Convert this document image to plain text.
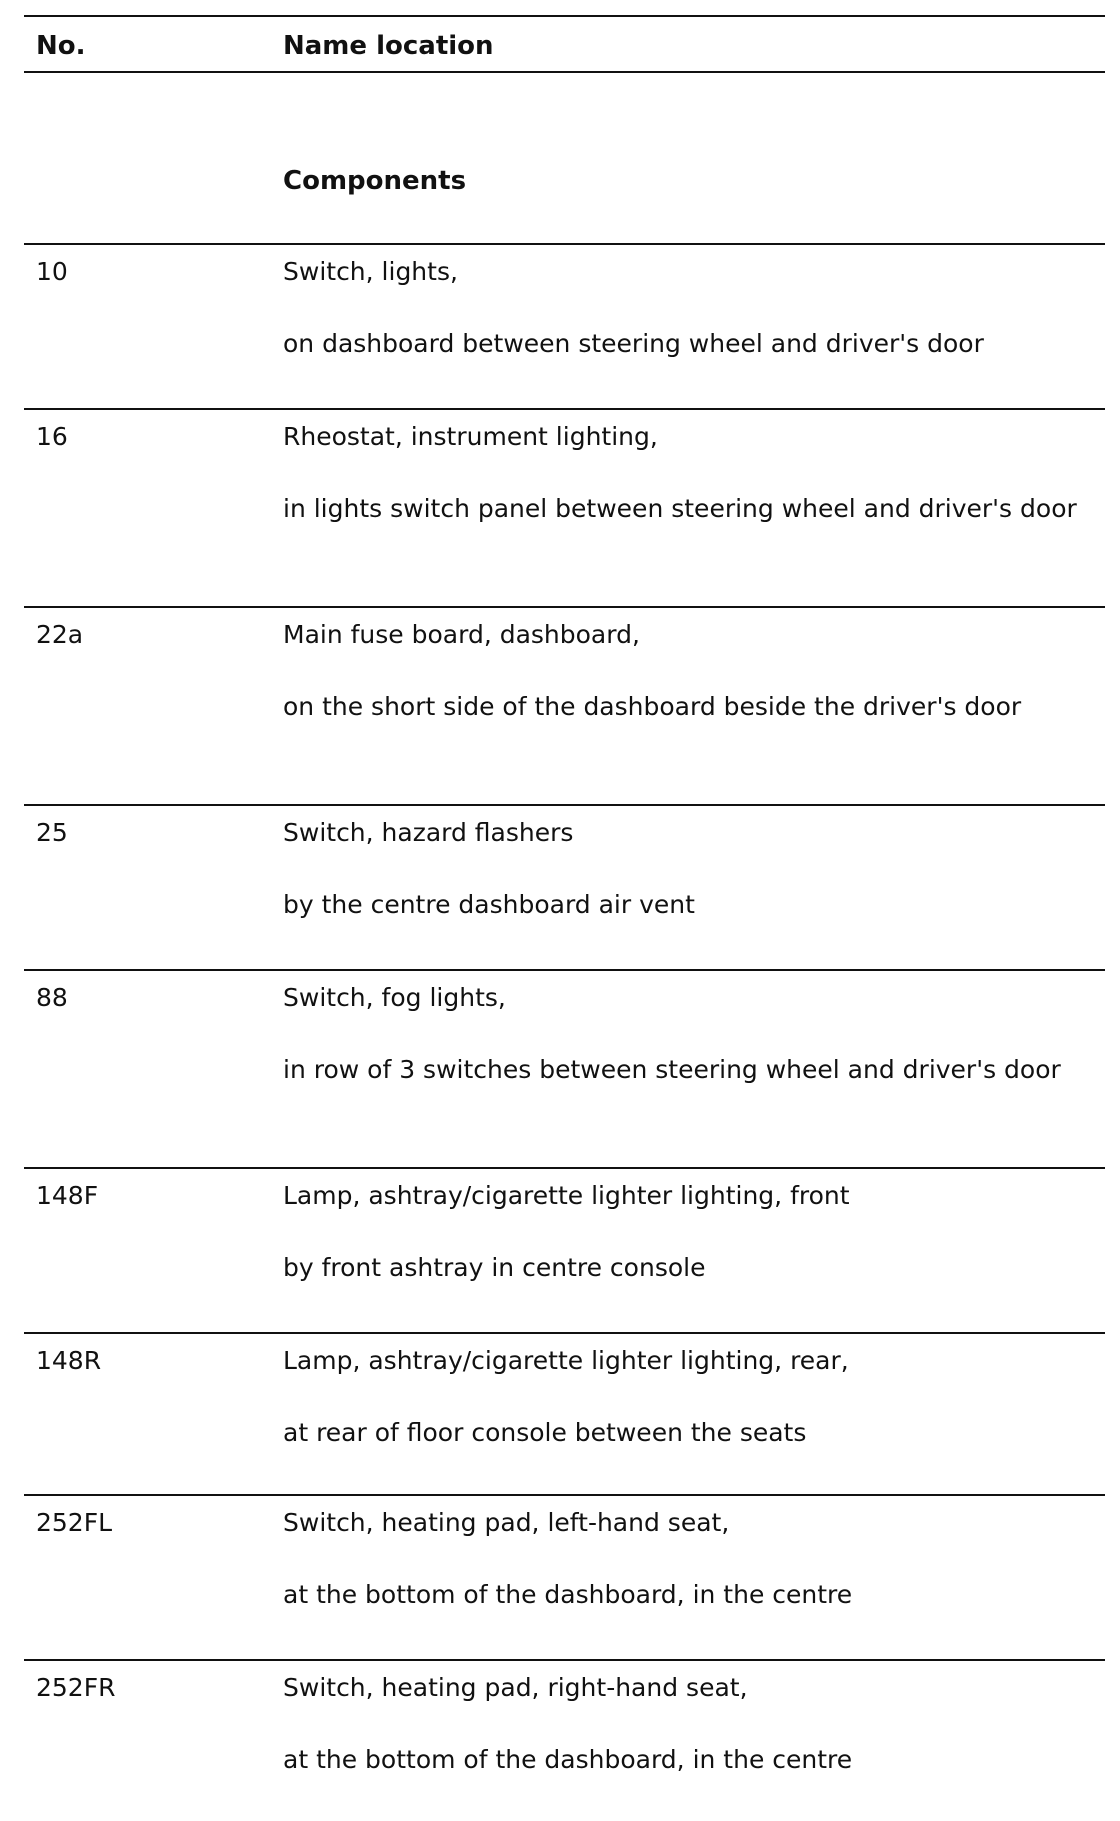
No.	Name location
Components
10	Switch, lights,
on dashboard between steering wheel and driver's door
16	Rheostat, instrument lighting,
in lights switch panel between steering wheel and driver's door
22a	Main fuse board, dashboard,
on the short side of the dashboard beside the driver's door
25	Switch, hazard flashers
by the centre dashboard air vent
88	Switch, fog lights,
in row of 3 switches between steering wheel and driver's door
148F	Lamp, ashtray/cigarette lighter lighting, front
by front ashtray in centre console
148R	Lamp, ashtray/cigarette lighter lighting, rear,
at rear of floor console between the seats
252FL	Switch, heating pad, left-hand seat,
at the bottom of the dashboard, in the centre
252FR	Switch, heating pad, right-hand seat,
at the bottom of the dashboard, in the centre
